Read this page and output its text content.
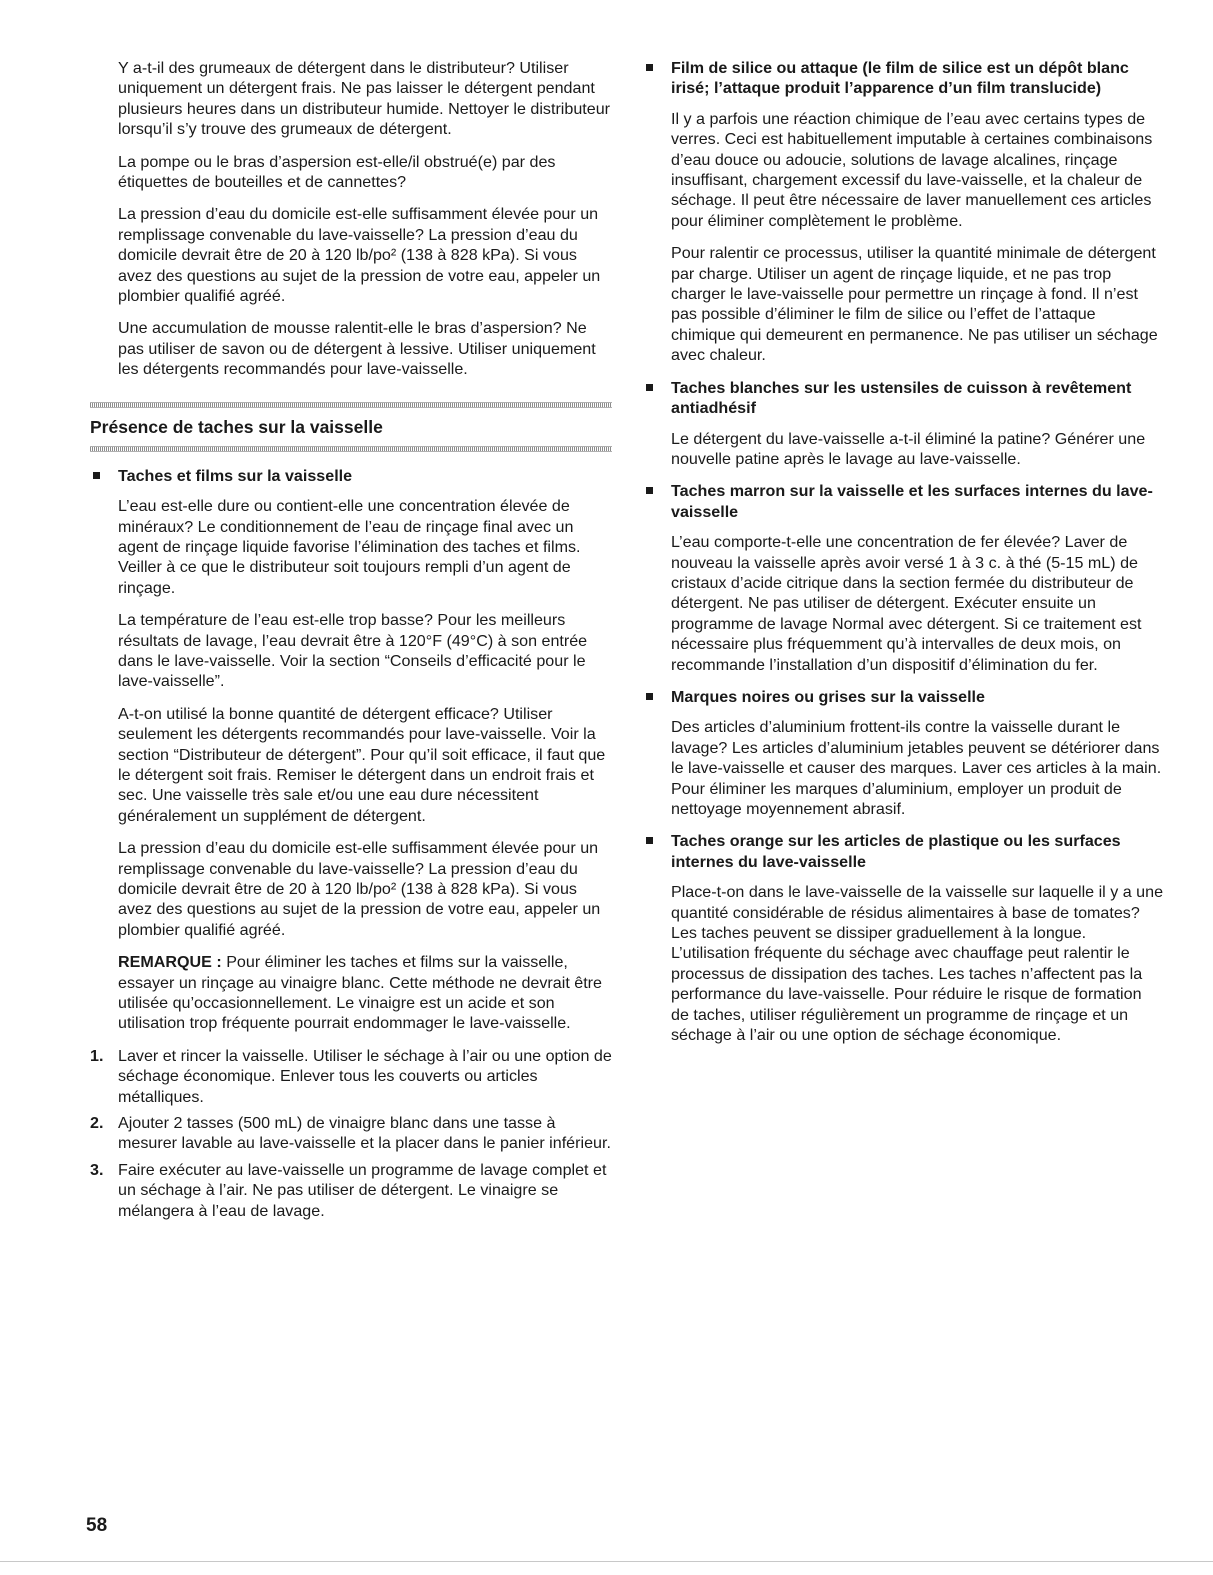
Y a-t-il des grumeaux de détergent dans le distributeur? Utiliser uniquement un détergent frais. Ne pas laisser le détergent pendant plusieurs heures dans un distributeur humide. Nettoyer le distributeur lorsqu’il s’y trouve des grumeaux de détergent.

La pompe ou le bras d’aspersion est-elle/il obstrué(e) par des étiquettes de bouteilles et de cannettes?

La pression d’eau du domicile est-elle suffisamment élevée pour un remplissage convenable du lave-vaisselle? La pression d’eau du domicile devrait être de 20 à 120 lb/po² (138 à 828 kPa). Si vous avez des questions au sujet de la pression de votre eau, appeler un plombier qualifié agréé.

Une accumulation de mousse ralentit-elle le bras d’aspersion? Ne pas utiliser de savon ou de détergent à lessive. Utiliser uniquement les détergents recommandés pour lave-vaisselle.

Présence de taches sur la vaisselle
Taches et films sur la vaisselle

L’eau est-elle dure ou contient-elle une concentration élevée de minéraux? Le conditionnement de l’eau de rinçage final avec un agent de rinçage liquide favorise l’élimination des taches et films. Veiller à ce que le distributeur soit toujours rempli d’un agent de rinçage.

La température de l’eau est-elle trop basse? Pour les meilleurs résultats de lavage, l’eau devrait être à 120°F (49°C) à son entrée dans le lave-vaisselle. Voir la section “Conseils d’efficacité pour le lave-vaisselle”.

A-t-on utilisé la bonne quantité de détergent efficace? Utiliser seulement les détergents recommandés pour lave-vaisselle. Voir la section “Distributeur de détergent”. Pour qu’il soit efficace, il faut que le détergent soit frais. Remiser le détergent dans un endroit frais et sec. Une vaisselle très sale et/ou une eau dure nécessitent généralement un supplément de détergent.

La pression d’eau du domicile est-elle suffisamment élevée pour un remplissage convenable du lave-vaisselle? La pression d’eau du domicile devrait être de 20 à 120 lb/po² (138 à 828 kPa). Si vous avez des questions au sujet de la pression de votre eau, appeler un plombier qualifié agréé.

REMARQUE : Pour éliminer les taches et films sur la vaisselle, essayer un rinçage au vinaigre blanc. Cette méthode ne devrait être utilisée qu’occasionnellement. Le vinaigre est un acide et son utilisation trop fréquente pourrait endommager le lave-vaisselle.

1. Laver et rincer la vaisselle. Utiliser le séchage à l’air ou une option de séchage économique. Enlever tous les couverts ou articles métalliques.
2. Ajouter 2 tasses (500 mL) de vinaigre blanc dans une tasse à mesurer lavable au lave-vaisselle et la placer dans le panier inférieur.
3. Faire exécuter au lave-vaisselle un programme de lavage complet et un séchage à l’air. Ne pas utiliser de détergent. Le vinaigre se mélangera à l’eau de lavage.
Film de silice ou attaque (le film de silice est un dépôt blanc irisé; l’attaque produit l’apparence d’un film translucide)

Il y a parfois une réaction chimique de l’eau avec certains types de verres. Ceci est habituellement imputable à certaines combinaisons d’eau douce ou adoucie, solutions de lavage alcalines, rinçage insuffisant, chargement excessif du lave-vaisselle, et la chaleur de séchage. Il peut être nécessaire de laver manuellement ces articles pour éliminer complètement le problème.

Pour ralentir ce processus, utiliser la quantité minimale de détergent par charge. Utiliser un agent de rinçage liquide, et ne pas trop charger le lave-vaisselle pour permettre un rinçage à fond. Il n’est pas possible d’éliminer le film de silice ou l’effet de l’attaque chimique qui demeurent en permanence. Ne pas utiliser un séchage avec chaleur.

Taches blanches sur les ustensiles de cuisson à revêtement antiadhésif

Le détergent du lave-vaisselle a-t-il éliminé la patine? Générer une nouvelle patine après le lavage au lave-vaisselle.

Taches marron sur la vaisselle et les surfaces internes du lave-vaisselle

L’eau comporte-t-elle une concentration de fer élevée? Laver de nouveau la vaisselle après avoir versé 1 à 3 c. à thé (5-15 mL) de cristaux d’acide citrique dans la section fermée du distributeur de détergent. Ne pas utiliser de détergent. Exécuter ensuite un programme de lavage Normal avec détergent. Si ce traitement est nécessaire plus fréquemment qu’à intervalles de deux mois, on recommande l’installation d’un dispositif d’élimination du fer.

Marques noires ou grises sur la vaisselle

Des articles d’aluminium frottent-ils contre la vaisselle durant le lavage? Les articles d’aluminium jetables peuvent se détériorer dans le lave-vaisselle et causer des marques. Laver ces articles à la main. Pour éliminer les marques d’aluminium, employer un produit de nettoyage moyennement abrasif.

Taches orange sur les articles de plastique ou les surfaces internes du lave-vaisselle

Place-t-on dans le lave-vaisselle de la vaisselle sur laquelle il y a une quantité considérable de résidus alimentaires à base de tomates? Les taches peuvent se dissiper graduellement à la longue. L’utilisation fréquente du séchage avec chauffage peut ralentir le processus de dissipation des taches. Les taches n’affectent pas la performance du lave-vaisselle. Pour réduire le risque de formation de taches, utiliser régulièrement un programme de rinçage et un séchage à l’air ou une option de séchage économique.

58
